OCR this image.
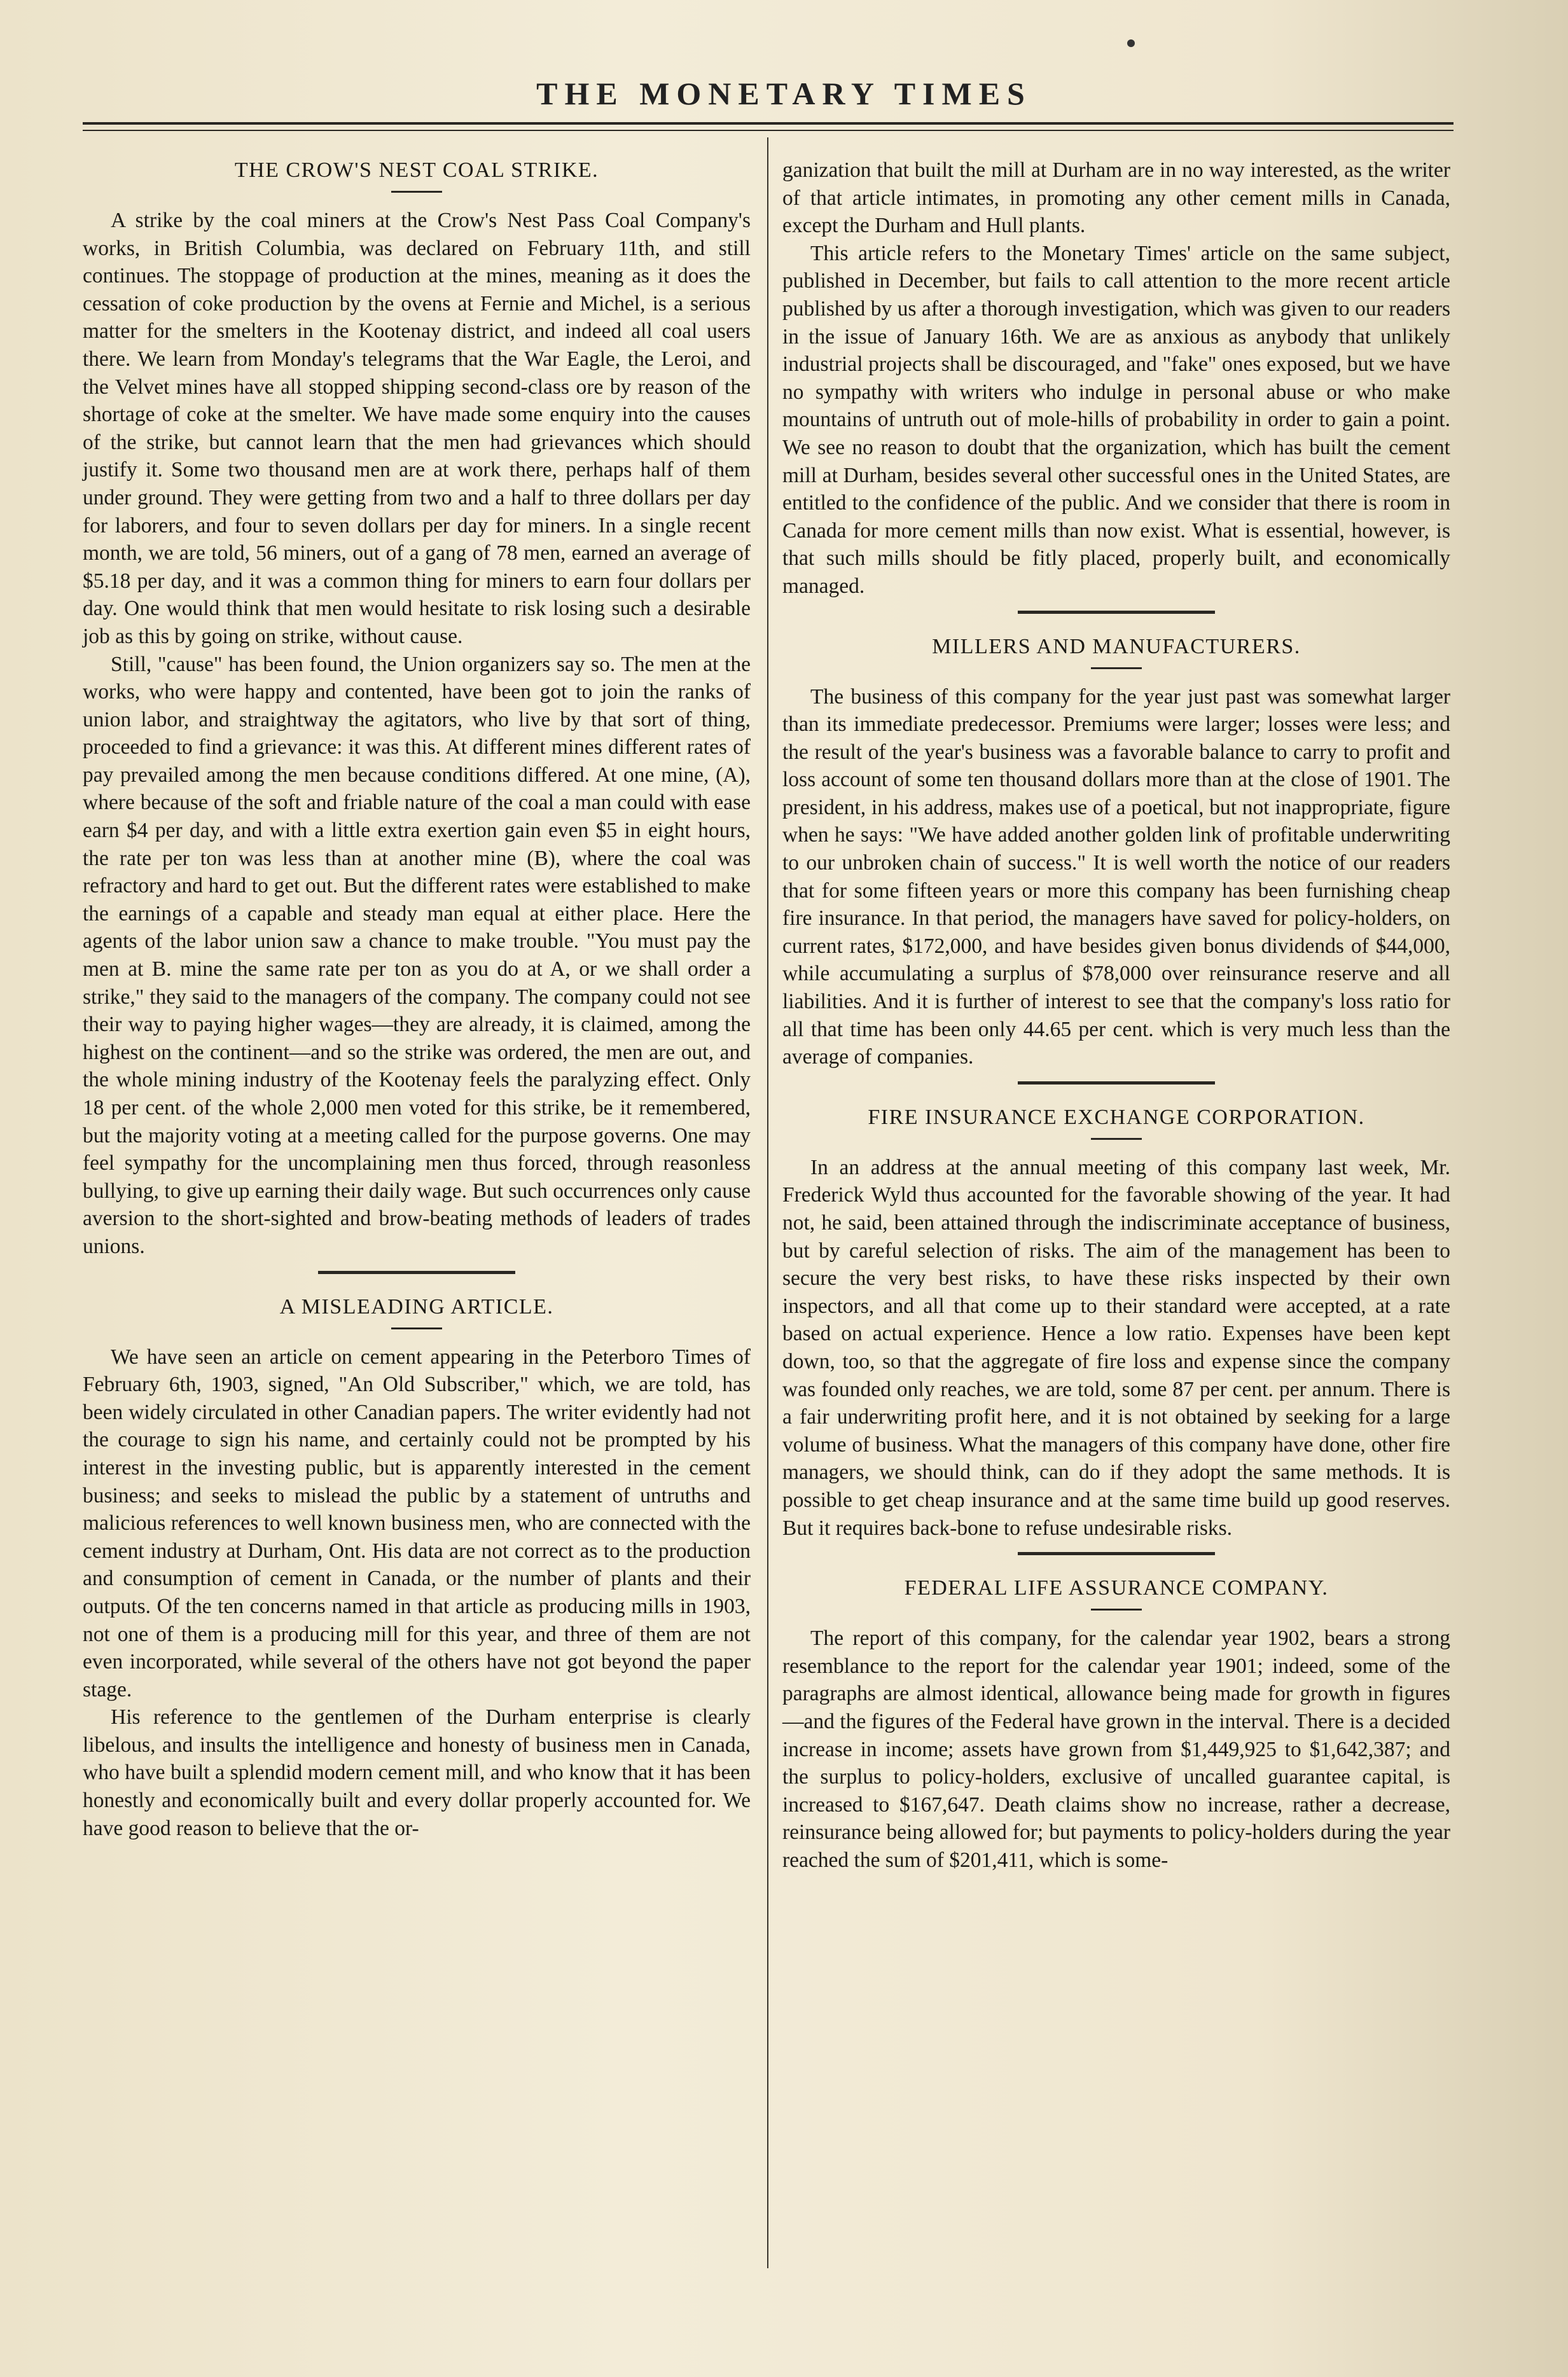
THE MONETARY TIMES
THE CROW'S NEST COAL STRIKE.

A strike by the coal miners at the Crow's Nest Pass Coal Company's works, in British Columbia, was declared on February 11th, and still continues. The stoppage of production at the mines, meaning as it does the cessation of coke production by the ovens at Fernie and Michel, is a serious matter for the smelters in the Kootenay district, and indeed all coal users there. We learn from Monday's telegrams that the War Eagle, the Leroi, and the Velvet mines have all stopped shipping second-class ore by reason of the shortage of coke at the smelter. We have made some enquiry into the causes of the strike, but cannot learn that the men had grievances which should justify it. Some two thousand men are at work there, perhaps half of them under ground. They were getting from two and a half to three dollars per day for laborers, and four to seven dollars per day for miners. In a single recent month, we are told, 56 miners, out of a gang of 78 men, earned an average of $5.18 per day, and it was a common thing for miners to earn four dollars per day. One would think that men would hesitate to risk losing such a desirable job as this by going on strike, without cause.

Still, "cause" has been found, the Union organizers say so. The men at the works, who were happy and contented, have been got to join the ranks of union labor, and straightway the agitators, who live by that sort of thing, proceeded to find a grievance: it was this. At different mines different rates of pay prevailed among the men because conditions differed. At one mine, (A), where because of the soft and friable nature of the coal a man could with ease earn $4 per day, and with a little extra exertion gain even $5 in eight hours, the rate per ton was less than at another mine (B), where the coal was refractory and hard to get out. But the different rates were established to make the earnings of a capable and steady man equal at either place. Here the agents of the labor union saw a chance to make trouble. "You must pay the men at B. mine the same rate per ton as you do at A, or we shall order a strike," they said to the managers of the company. The company could not see their way to paying higher wages—they are already, it is claimed, among the highest on the continent—and so the strike was ordered, the men are out, and the whole mining industry of the Kootenay feels the paralyzing effect. Only 18 per cent. of the whole 2,000 men voted for this strike, be it remembered, but the majority voting at a meeting called for the purpose governs. One may feel sympathy for the uncomplaining men thus forced, through reasonless bullying, to give up earning their daily wage. But such occurrences only cause aversion to the short-sighted and brow-beating methods of leaders of trades unions.

A MISLEADING ARTICLE.

We have seen an article on cement appearing in the Peterboro Times of February 6th, 1903, signed, "An Old Subscriber," which, we are told, has been widely circulated in other Canadian papers. The writer evidently had not the courage to sign his name, and certainly could not be prompted by his interest in the investing public, but is apparently interested in the cement business; and seeks to mislead the public by a statement of untruths and malicious references to well known business men, who are connected with the cement industry at Durham, Ont. His data are not correct as to the production and consumption of cement in Canada, or the number of plants and their outputs. Of the ten concerns named in that article as producing mills in 1903, not one of them is a producing mill for this year, and three of them are not even incorporated, while several of the others have not got beyond the paper stage.

His reference to the gentlemen of the Durham enterprise is clearly libelous, and insults the intelligence and honesty of business men in Canada, who have built a splendid modern cement mill, and who know that it has been honestly and economically built and every dollar properly accounted for. We have good reason to believe that the or-

ganization that built the mill at Durham are in no way interested, as the writer of that article intimates, in promoting any other cement mills in Canada, except the Durham and Hull plants.

This article refers to the Monetary Times' article on the same subject, published in December, but fails to call attention to the more recent article published by us after a thorough investigation, which was given to our readers in the issue of January 16th. We are as anxious as anybody that unlikely industrial projects shall be discouraged, and "fake" ones exposed, but we have no sympathy with writers who indulge in personal abuse or who make mountains of untruth out of mole-hills of probability in order to gain a point. We see no reason to doubt that the organization, which has built the cement mill at Durham, besides several other successful ones in the United States, are entitled to the confidence of the public. And we consider that there is room in Canada for more cement mills than now exist. What is essential, however, is that such mills should be fitly placed, properly built, and economically managed.

MILLERS AND MANUFACTURERS.

The business of this company for the year just past was somewhat larger than its immediate predecessor. Premiums were larger; losses were less; and the result of the year's business was a favorable balance to carry to profit and loss account of some ten thousand dollars more than at the close of 1901. The president, in his address, makes use of a poetical, but not inappropriate, figure when he says: "We have added another golden link of profitable underwriting to our unbroken chain of success." It is well worth the notice of our readers that for some fifteen years or more this company has been furnishing cheap fire insurance. In that period, the managers have saved for policy-holders, on current rates, $172,000, and have besides given bonus dividends of $44,000, while accumulating a surplus of $78,000 over reinsurance reserve and all liabilities. And it is further of interest to see that the company's loss ratio for all that time has been only 44.65 per cent. which is very much less than the average of companies.

FIRE INSURANCE EXCHANGE CORPORATION.

In an address at the annual meeting of this company last week, Mr. Frederick Wyld thus accounted for the favorable showing of the year. It had not, he said, been attained through the indiscriminate acceptance of business, but by careful selection of risks. The aim of the management has been to secure the very best risks, to have these risks inspected by their own inspectors, and all that come up to their standard were accepted, at a rate based on actual experience. Hence a low ratio. Expenses have been kept down, too, so that the aggregate of fire loss and expense since the company was founded only reaches, we are told, some 87 per cent. per annum. There is a fair underwriting profit here, and it is not obtained by seeking for a large volume of business. What the managers of this company have done, other fire managers, we should think, can do if they adopt the same methods. It is possible to get cheap insurance and at the same time build up good reserves. But it requires back-bone to refuse undesirable risks.

FEDERAL LIFE ASSURANCE COMPANY.

The report of this company, for the calendar year 1902, bears a strong resemblance to the report for the calendar year 1901; indeed, some of the paragraphs are almost identical, allowance being made for growth in figures—and the figures of the Federal have grown in the interval. There is a decided increase in income; assets have grown from $1,449,925 to $1,642,387; and the surplus to policy-holders, exclusive of uncalled guarantee capital, is increased to $167,647. Death claims show no increase, rather a decrease, reinsurance being allowed for; but payments to policy-holders during the year reached the sum of $201,411, which is some-
